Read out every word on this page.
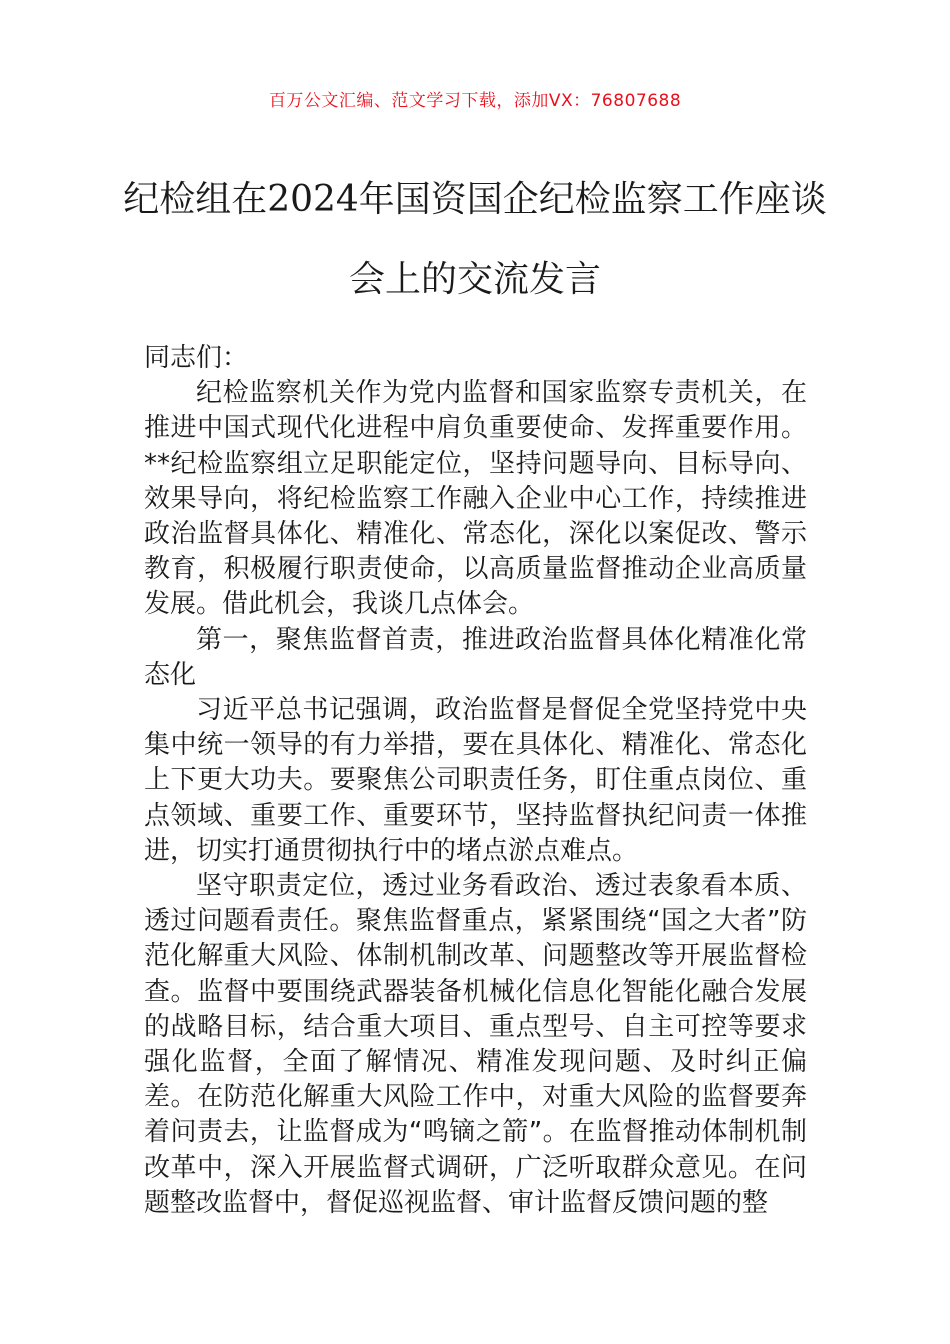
百万公文汇编、范文学习下载，添加VX：76807688
纪检组在2024年国资国企纪检监察工作座谈会上的交流发言

同志们：

纪检监察机关作为党内监督和国家监察专责机关，在推进中国式现代化进程中肩负重要使命、发挥重要作用。**纪检监察组立足职能定位，坚持问题导向、目标导向、效果导向，将纪检监察工作融入企业中心工作，持续推进政治监督具体化、精准化、常态化，深化以案促改、警示教育，积极履行职责使命，以高质量监督推动企业高质量发展。借此机会，我谈几点体会。

第一，聚焦监督首责，推进政治监督具体化精准化常态化

习近平总书记强调，政治监督是督促全党坚持党中央集中统一领导的有力举措，要在具体化、精准化、常态化上下更大功夫。要聚焦公司职责任务，盯住重点岗位、重点领域、重要工作、重要环节，坚持监督执纪问责一体推进，切实打通贯彻执行中的堵点淤点难点。

坚守职责定位，透过业务看政治、透过表象看本质、透过问题看责任。聚焦监督重点，紧紧围绕“国之大者”防范化解重大风险、体制机制改革、问题整改等开展监督检查。监督中要围绕武器装备机械化信息化智能化融合发展的战略目标，结合重大项目、重点型号、自主可控等要求强化监督，全面了解情况、精准发现问题、及时纠正偏差。在防范化解重大风险工作中，对重大风险的监督要奔着问责去，让监督成为“鸣镝之箭”。在监督推动体制机制改革中，深入开展监督式调研，广泛听取群众意见。在问题整改监督中，督促巡视监督、审计监督反馈问题的整
